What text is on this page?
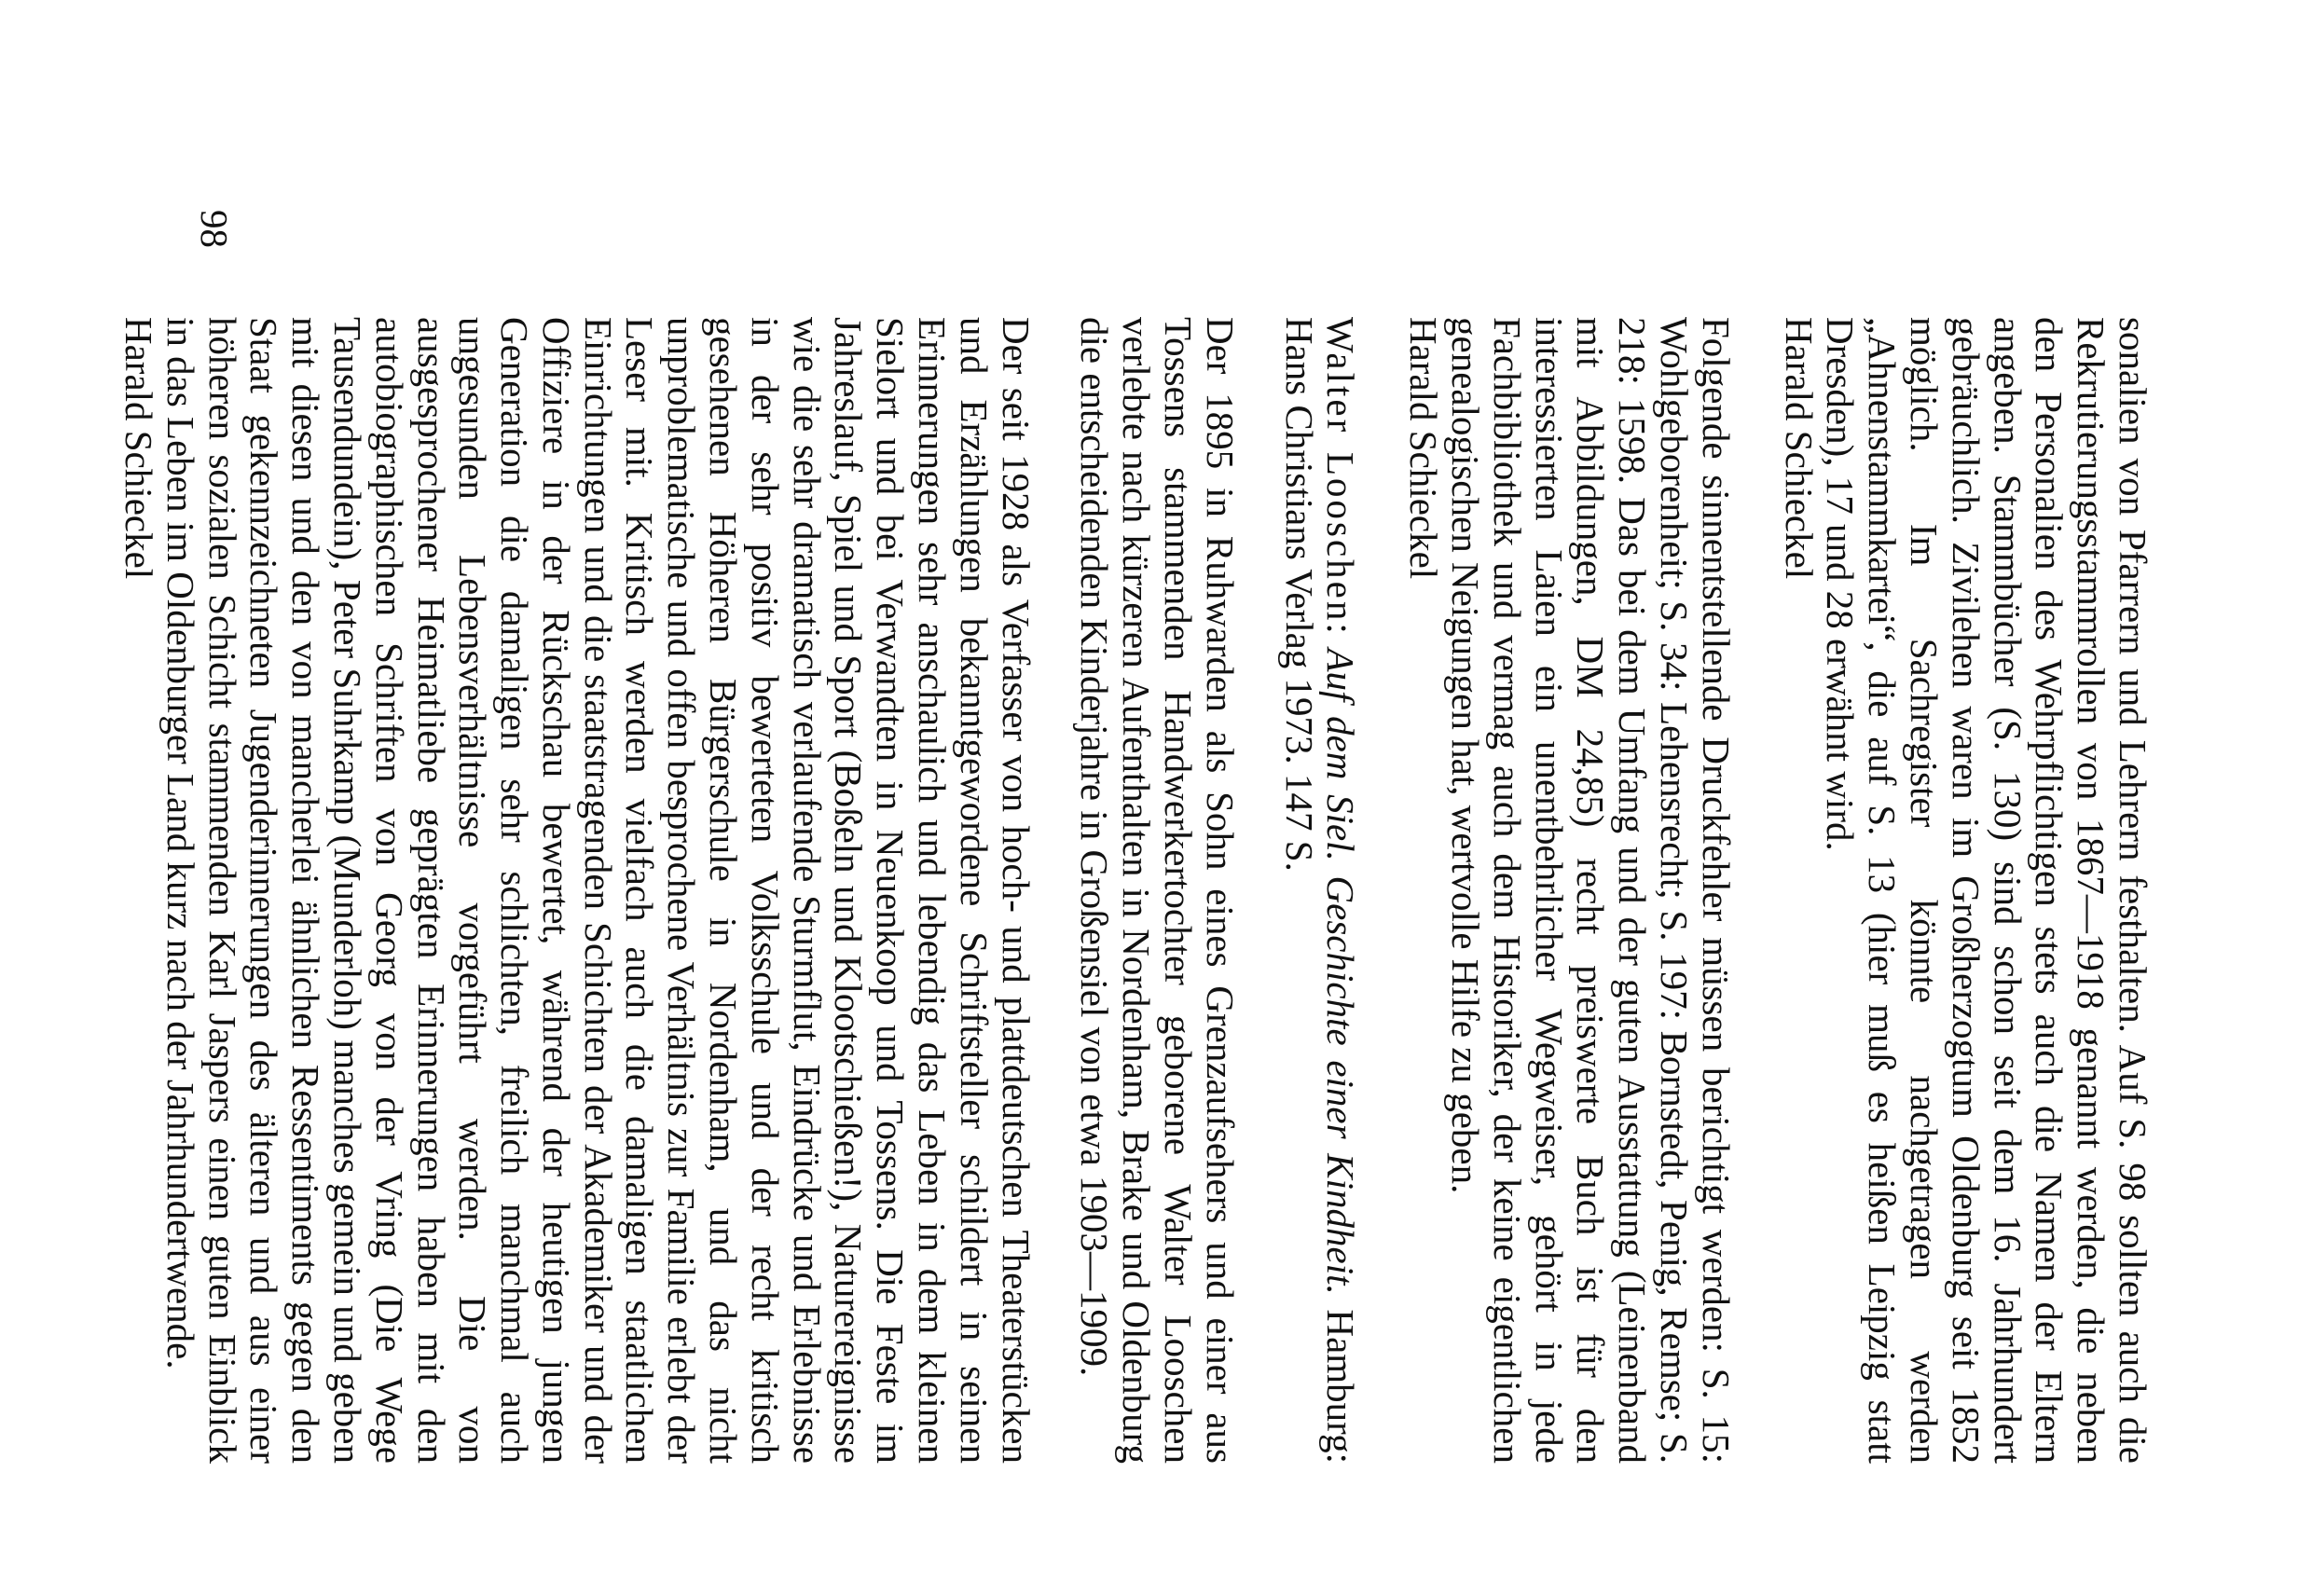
sonalien von Pfarrern und Lehrern festhalten. Auf S. 98 sollten auch die Rekrutierungsstammrollen von 1867—1918 genannt werden, die neben den Personalien des Wehrpflichtigen stets auch die Namen der Eltern angeben. Stammbücher (S. 130) sind schon seit dem 16. Jahrhundert gebräuchlich. Zivilehen waren im Großherzogtum Oldenburg seit 1852 möglich. Im Sachregister könnte nachgetragen werden „Ahnenstammkartei“, die auf S. 13 (hier muß es heißen Leipzig statt Dresden), 17 und 28 erwähnt wird.

Harald Schieckel

Folgende sinnentstellende Druckfehler müssen berichtigt werden: S. 15: Wohlgeborenheit; S. 34: Lehensrecht; S. 197: Bornstedt, Penig, Remse; S. 218: 1598. Das bei dem Umfang und der guten Ausstattung (Leinenband mit Abbildungen, DM 24,85) recht preiswerte Buch ist für den interessierten Laien ein unentbehrlicher Wegweiser, gehört in jede Fachbibliothek und vermag auch dem Historiker, der keine eigentlichen genealogischen Neigungen hat, wertvolle Hilfe zu geben.

Harald Schieckel

Walter Looschen: Auf dem Siel. Geschichte einer Kindheit. Hamburg: Hans Christians Verlag 1973. 147 S.

Der 1895 in Ruhwarden als Sohn eines Grenzaufsehers und einer aus Tossens stammenden Handwerkertochter geborene Walter Looschen verlebte nach kürzeren Aufenthalten in Nordenham, Brake und Oldenburg die entscheidenden Kinderjahre in Großensiel von etwa 1903—1909.

Der seit 1928 als Verfasser von hoch- und plattdeutschen Theaterstücken und Erzählungen bekanntgewordene Schriftsteller schildert in seinen Erinnerungen sehr anschaulich und lebendig das Leben in dem kleinen Sielort und bei Verwandten in Neuenkoop und Tossens. Die Feste im Jahreslauf, Spiel und Sport (Boßeln und Klootschießen!), Naturereignisse wie die sehr dramatisch verlaufende Sturmflut, Eindrücke und Erlebnisse in der sehr positiv bewerteten Volksschule und der recht kritisch gesehenen Höheren Bürgerschule in Nordenham, und das nicht unproblematische und offen besprochene Verhältnis zur Familie erlebt der Leser mit. Kritisch werden vielfach auch die damaligen staatlichen Einrichtungen und die staatstragenden Schichten der Akademiker und der Offiziere in der Rückschau bewertet, während der heutigen jungen Generation die damaligen sehr schlichten, freilich manchmal auch ungesunden Lebensverhältnisse vorgeführt werden. Die von ausgesprochener Heimatliebe geprägten Erinnerungen haben mit den autobiographischen Schriften von Georg von der Vring (Die Wege Tausendundein), Peter Suhrkamp (Munderloh) manches gemein und geben mit diesen und den von mancherlei ähnlichen Ressentiments gegen den Staat gekennzeichneten Jugenderinnerungen des älteren und aus einer höheren sozialen Schicht stammenden Karl Jaspers einen guten Einblick in das Leben im Oldenburger Land kurz nach der Jahrhundertwende.

Harald Schieckel

98
